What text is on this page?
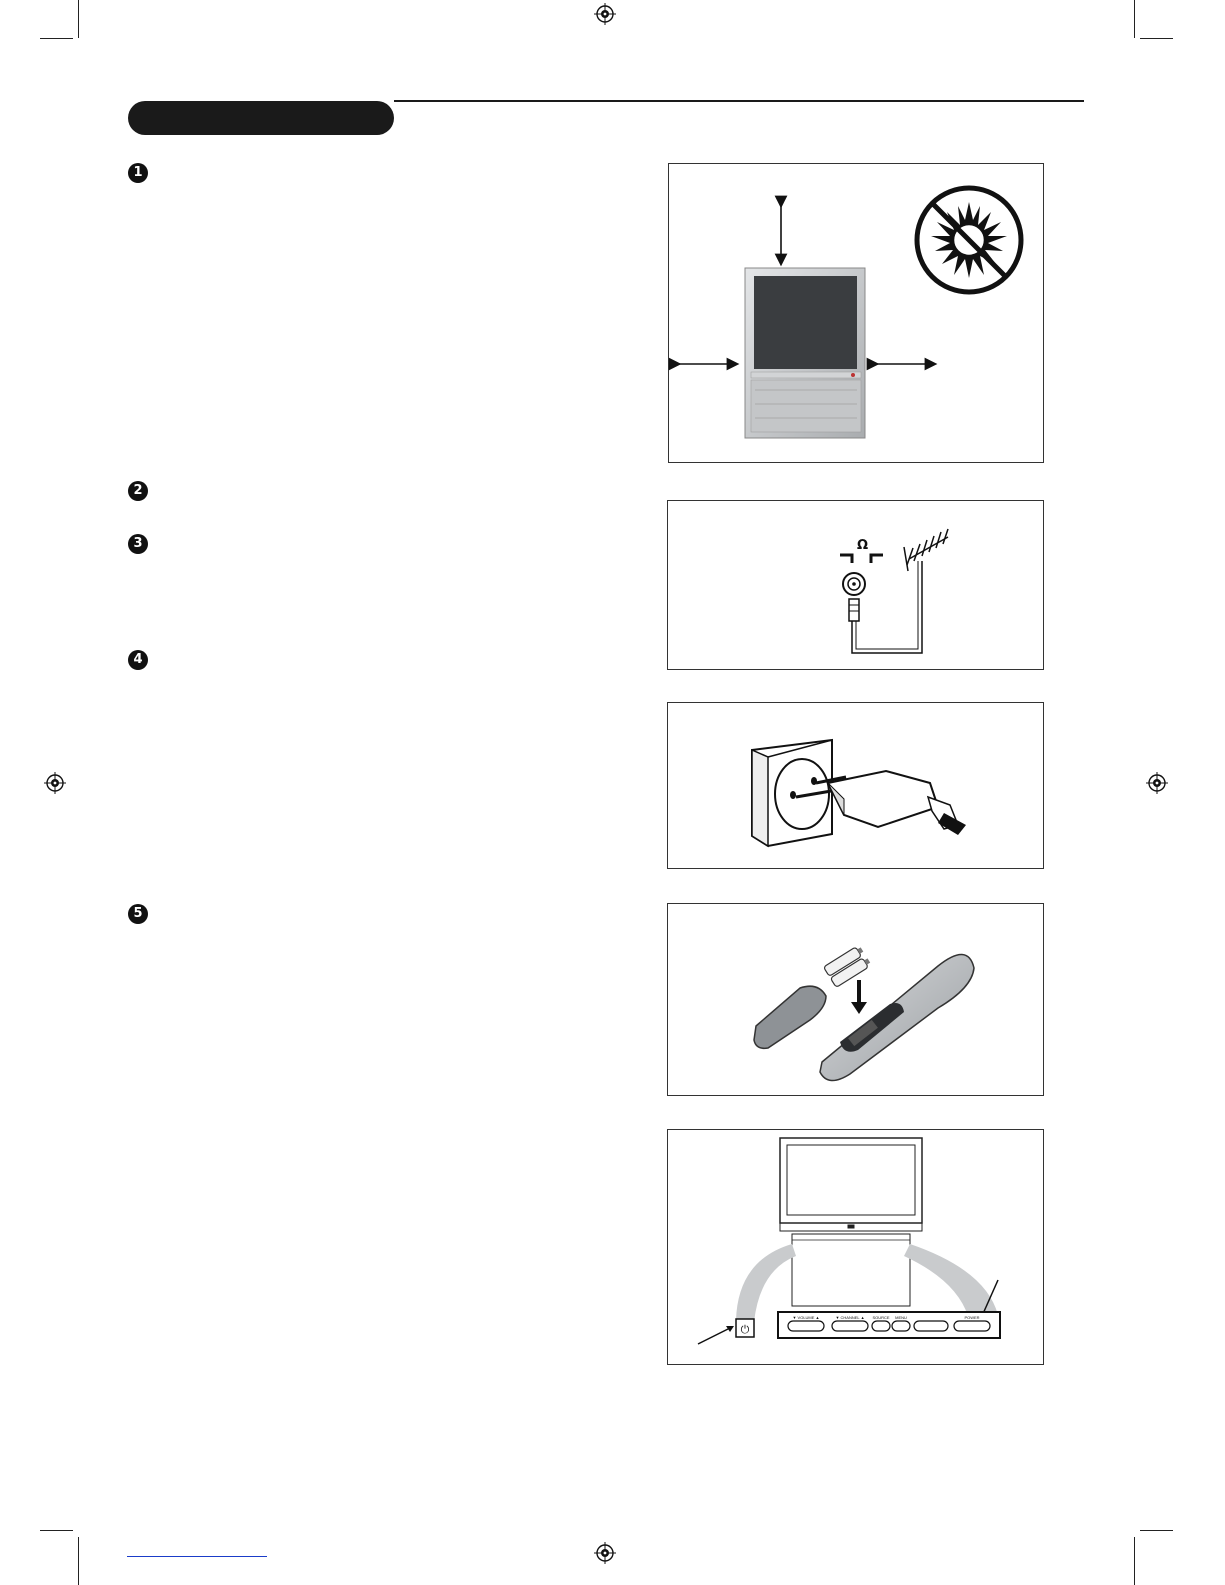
1
2
3
4
5
Ω
⏻
▼ VOLUME ▲	▼ CHANNEL ▲ SOURCE MENU	POWER
